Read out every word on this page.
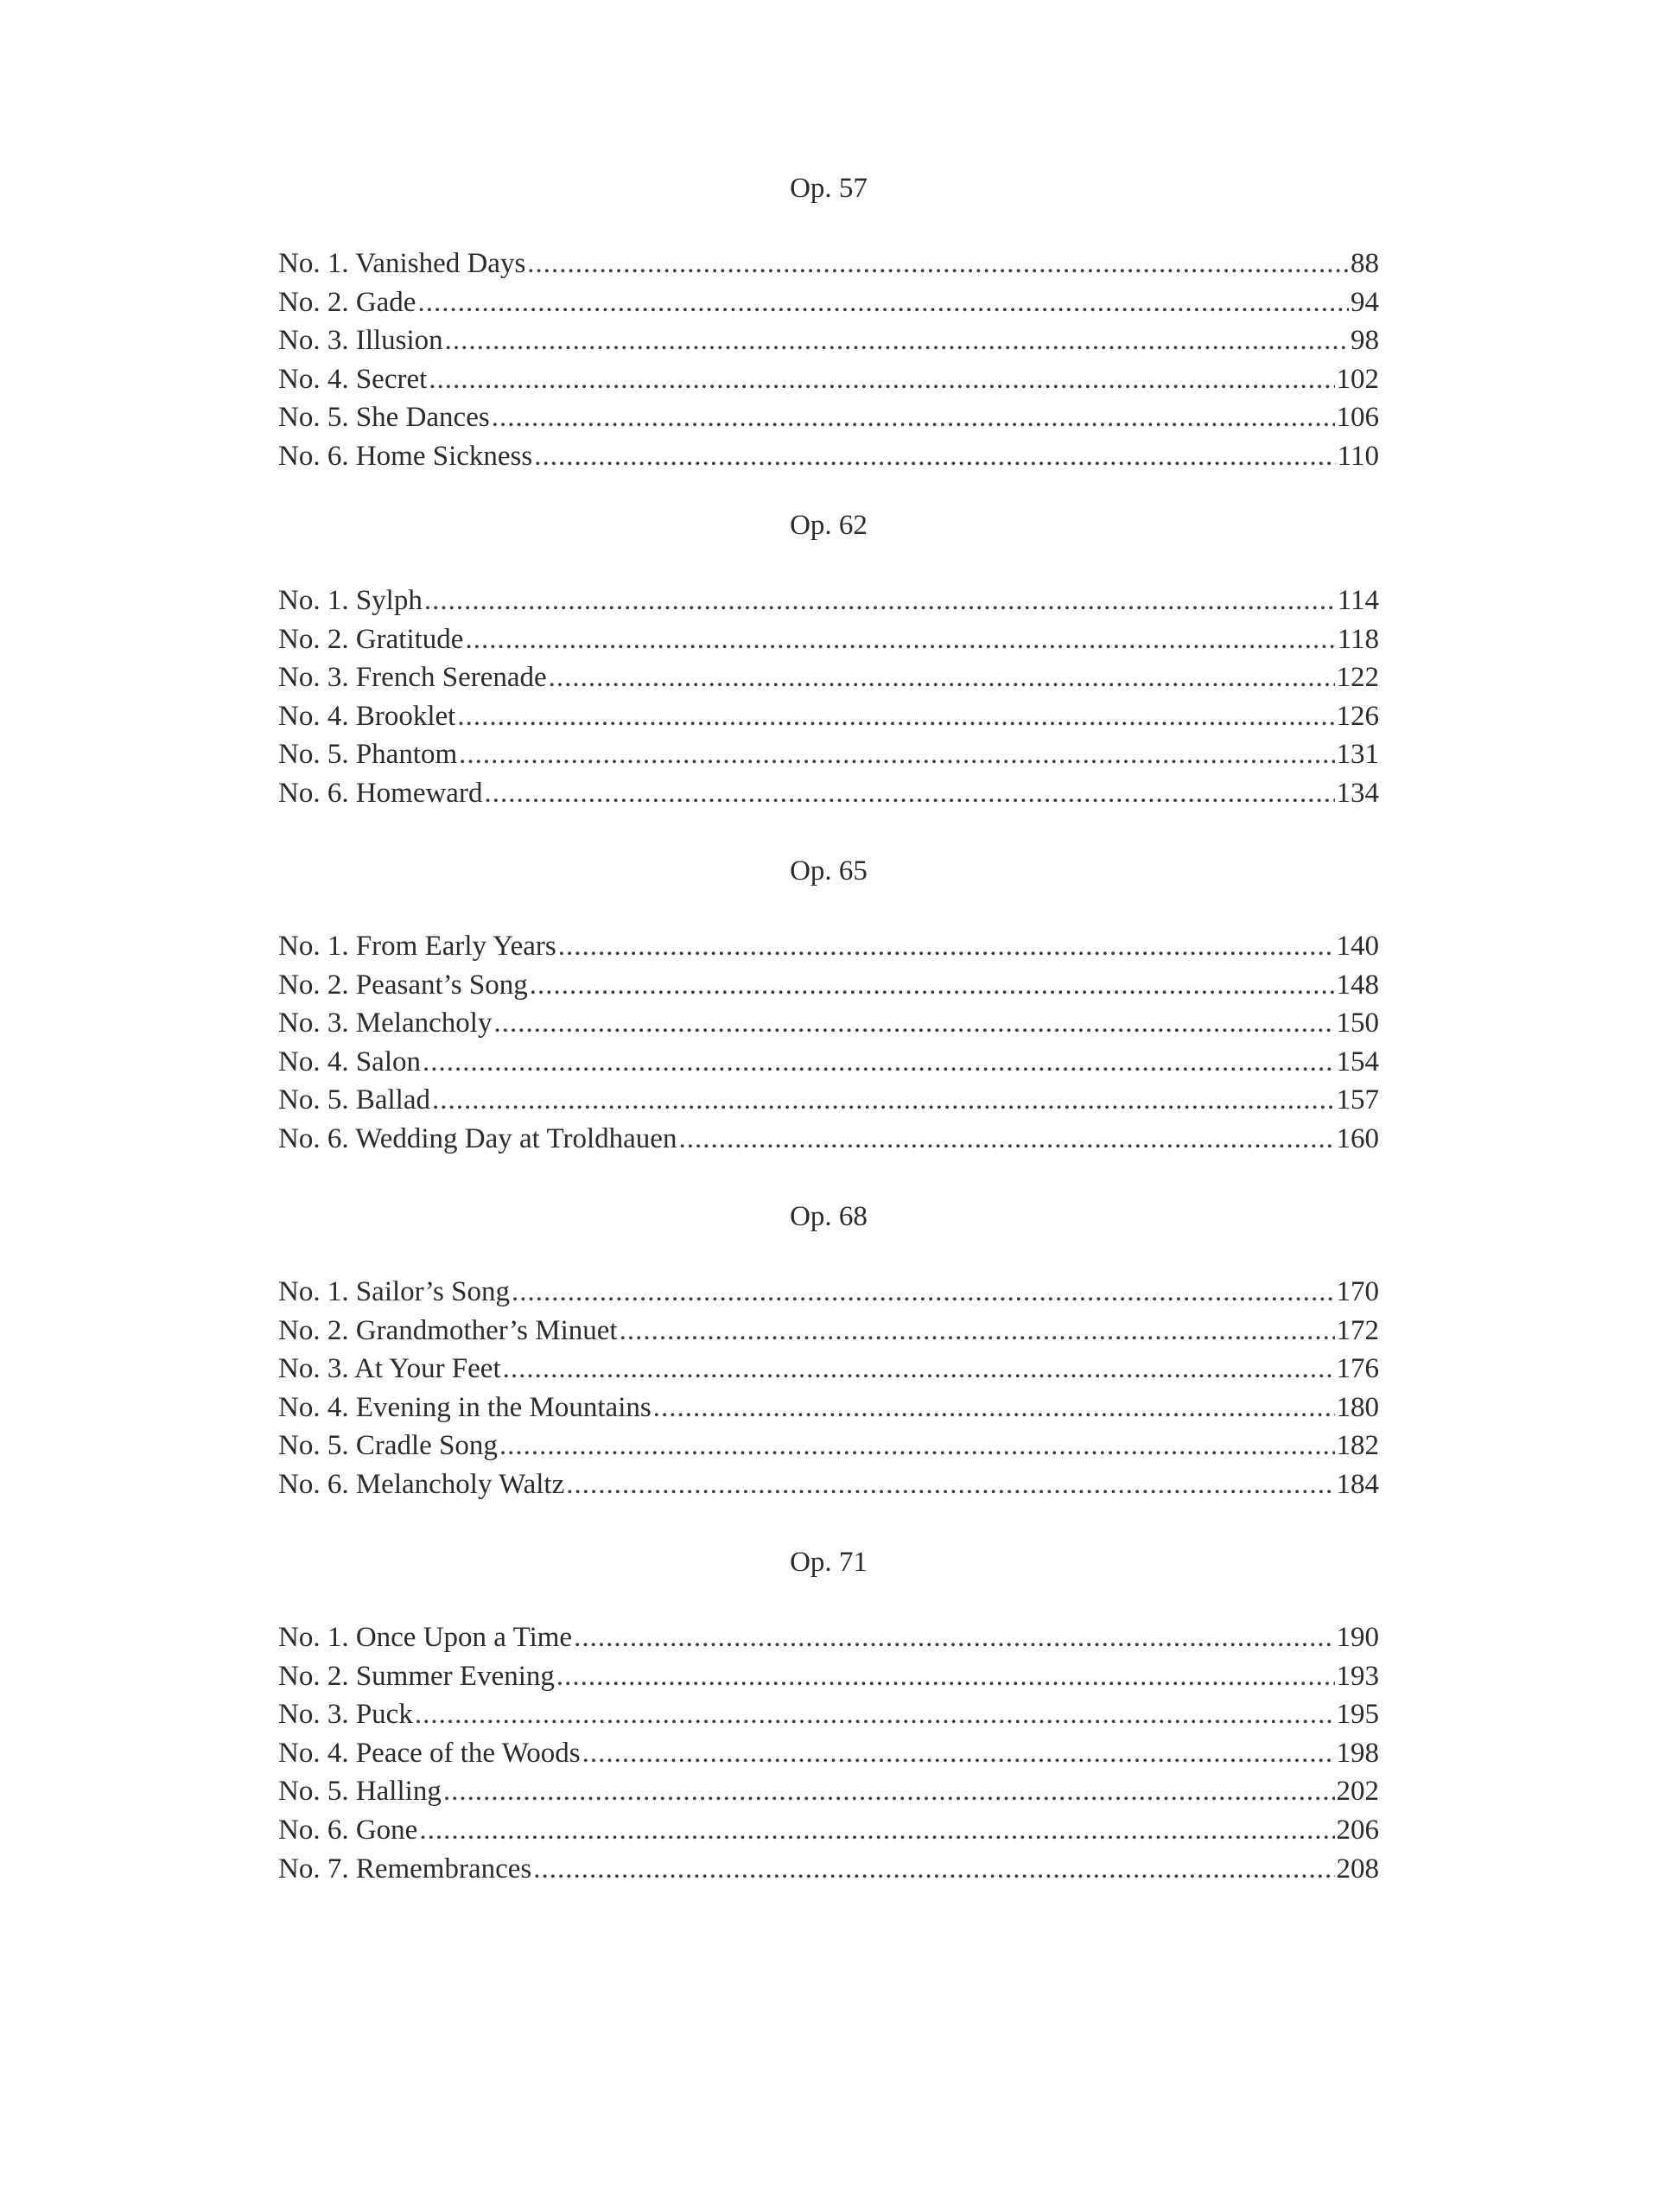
Op. 57
No. 1. Vanished Days .....	88
No. 2. Gade .....	94
No. 3. Illusion .....	98
No. 4. Secret .....	102
No. 5. She Dances .....	106
No. 6. Home Sickness .....	110
Op. 62
No. 1. Sylph .....	114
No. 2. Gratitude .....	118
No. 3. French Serenade .....	122
No. 4. Brooklet .....	126
No. 5. Phantom .....	131
No. 6. Homeward .....	134
Op. 65
No. 1. From Early Years .....	140
No. 2. Peasant’s Song .....	148
No. 3. Melancholy .....	150
No. 4. Salon .....	154
No. 5. Ballad .....	157
No. 6. Wedding Day at Troldhauen .....	160
Op. 68
No. 1. Sailor’s Song .....	170
No. 2. Grandmother’s Minuet .....	172
No. 3. At Your Feet .....	176
No. 4. Evening in the Mountains .....	180
No. 5. Cradle Song .....	182
No. 6. Melancholy Waltz .....	184
Op. 71
No. 1. Once Upon a Time .....	190
No. 2. Summer Evening .....	193
No. 3. Puck .....	195
No. 4. Peace of the Woods .....	198
No. 5. Halling .....	202
No. 6. Gone .....	206
No. 7. Remembrances .....	208
